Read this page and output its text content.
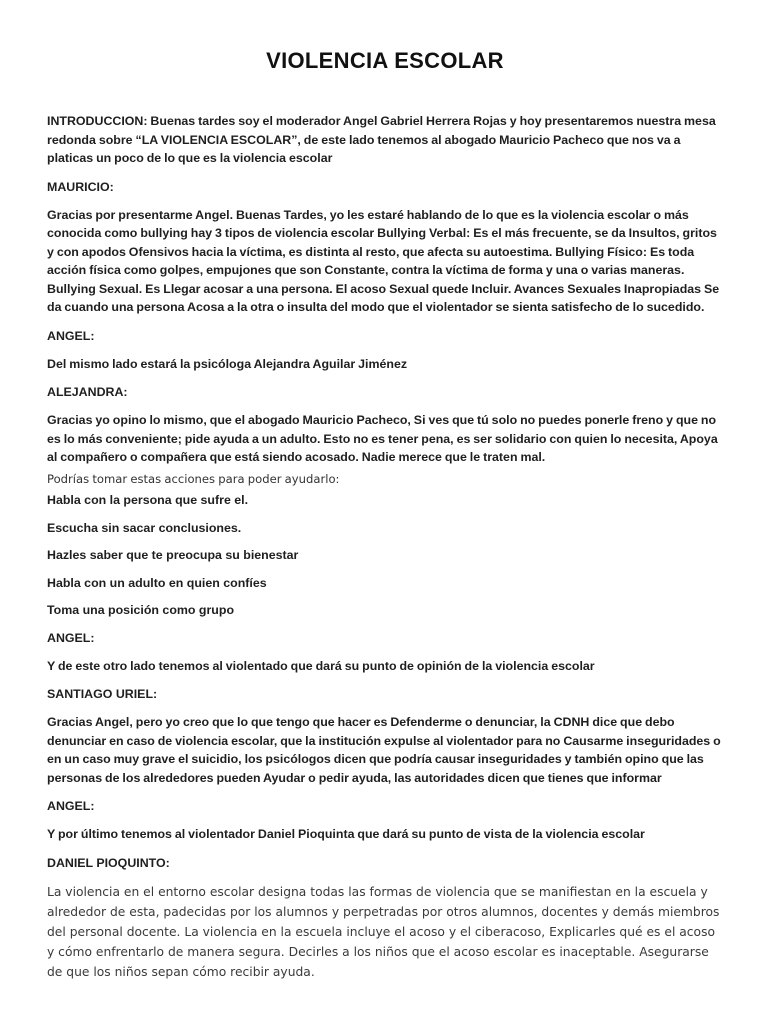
VIOLENCIA ESCOLAR

INTRODUCCION: Buenas tardes soy el moderador Angel Gabriel Herrera Rojas y hoy presentaremos nuestra mesa redonda sobre “LA VIOLENCIA ESCOLAR”, de este lado tenemos al abogado Mauricio Pacheco que nos va a platicas un poco de lo que es la violencia escolar

MAURICIO:

Gracias por presentarme Angel. Buenas Tardes, yo les estaré hablando de lo que es la violencia escolar o más conocida como bullying hay 3 tipos de violencia escolar Bullying Verbal: Es el más frecuente, se da Insultos, gritos y con apodos Ofensivos hacia la víctima, es distinta al resto, que afecta su autoestima. Bullying Físico: Es toda acción física como golpes, empujones que son Constante, contra la víctima de forma y una o varias maneras. Bullying Sexual. Es Llegar acosar a una persona. El acoso Sexual quede Incluir. Avances Sexuales Inapropiadas Se da cuando una persona Acosa a la otra o insulta del modo que el violentador se sienta satisfecho de lo sucedido.

ANGEL:

Del mismo lado estará la psicóloga Alejandra Aguilar Jiménez

ALEJANDRA:

Gracias yo opino lo mismo, que el abogado Mauricio Pacheco, Si ves que tú solo no puedes ponerle freno y que no es lo más conveniente; pide ayuda a un adulto. Esto no es tener pena, es ser solidario con quien lo necesita, Apoya al compañero o compañera que está siendo acosado. Nadie merece que le traten mal.

Podrías tomar estas acciones para poder ayudarlo:

Habla con la persona que sufre el.

Escucha sin sacar conclusiones.

Hazles saber que te preocupa su bienestar

Habla con un adulto en quien confíes

Toma una posición como grupo

ANGEL:

Y de este otro lado tenemos al violentado que dará su punto de opinión de la violencia escolar

SANTIAGO URIEL:

Gracias Angel, pero yo creo que lo que tengo que hacer es Defenderme o denunciar, la CDNH dice que debo denunciar en caso de violencia escolar, que la institución expulse al violentador para no Causarme inseguridades o en un caso muy grave el suicidio, los psicólogos dicen que podría causar inseguridades y también opino que las personas de los alrededores pueden Ayudar o pedir ayuda, las autoridades dicen que tienes que informar

ANGEL:

Y por último tenemos al violentador Daniel Pioquinta que dará su punto de vista de la violencia escolar

DANIEL PIOQUINTO:

La violencia en el entorno escolar designa todas las formas de violencia que se manifiestan en la escuela y alrededor de esta, padecidas por los alumnos y perpetradas por otros alumnos, docentes y demás miembros del personal docente. La violencia en la escuela incluye el acoso y el ciberacoso, Explicarles qué es el acoso y cómo enfrentarlo de manera segura. Decirles a los niños que el acoso escolar es inaceptable. Asegurarse de que los niños sepan cómo recibir ayuda.
